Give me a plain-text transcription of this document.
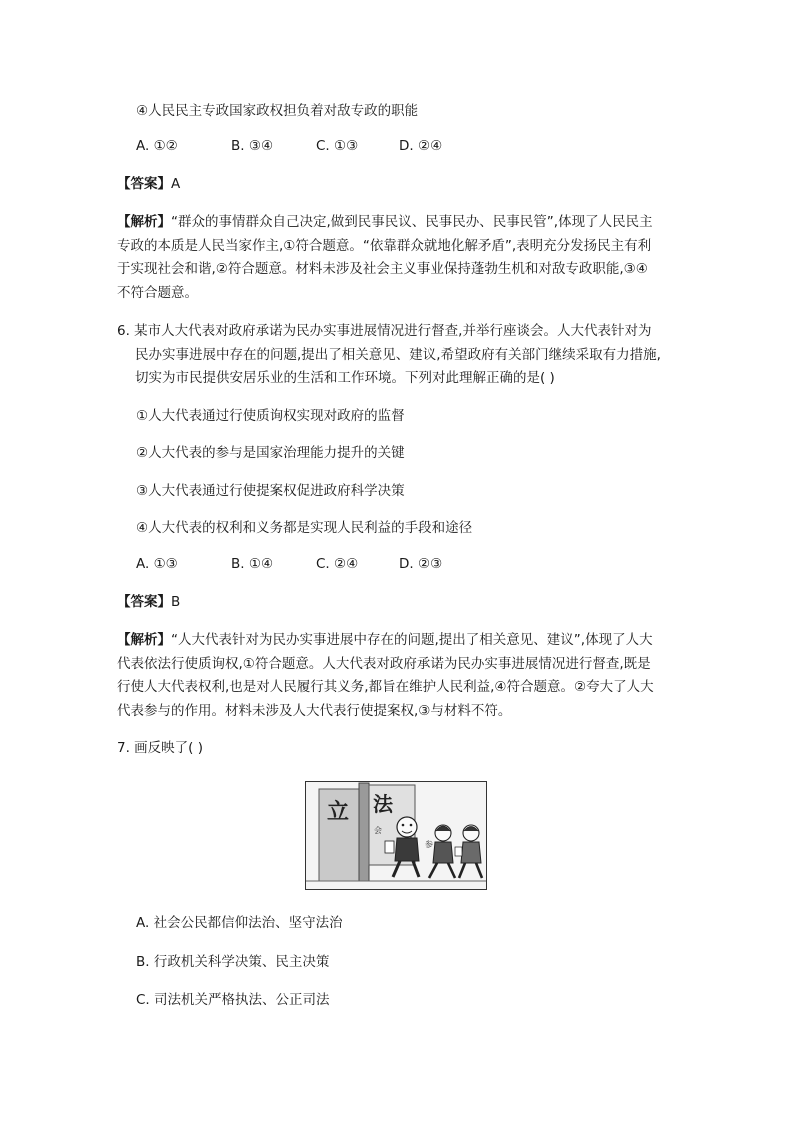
④人民民主专政国家政权担负着对敌专政的职能
A. ①②	B. ③④	C. ①③	D. ②④
【答案】A
【解析】“群众的事情群众自己决定,做到民事民议、民事民办、民事民管”,体现了人民民主
专政的本质是人民当家作主,①符合题意。“依靠群众就地化解矛盾”,表明充分发扬民主有利
于实现社会和谐,②符合题意。材料未涉及社会主义事业保持蓬勃生机和对敌专政职能,③④
不符合题意。
6. 某市人大代表对政府承诺为民办实事进展情况进行督查,并举行座谈会。人大代表针对为
民办实事进展中存在的问题,提出了相关意见、建议,希望政府有关部门继续采取有力措施,
切实为市民提供安居乐业的生活和工作环境。下列对此理解正确的是( )
①人大代表通过行使质询权实现对政府的监督
②人大代表的参与是国家治理能力提升的关键
③人大代表通过行使提案权促进政府科学决策
④人大代表的权利和义务都是实现人民利益的手段和途径
A. ①③	B. ①④	C. ②④	D. ②③
【答案】B
【解析】“人大代表针对为民办实事进展中存在的问题,提出了相关意见、建议”,体现了人大
代表依法行使质询权,①符合题意。人大代表对政府承诺为民办实事进展情况进行督查,既是
行使人大代表权利,也是对人民履行其义务,都旨在维护人民利益,④符合题意。②夸大了人大
代表参与的作用。材料未涉及人大代表行使提案权,③与材料不符。
7. 画反映了( )
立 法
会
参
A. 社会公民都信仰法治、坚守法治
B. 行政机关科学决策、民主决策
C. 司法机关严格执法、公正司法
